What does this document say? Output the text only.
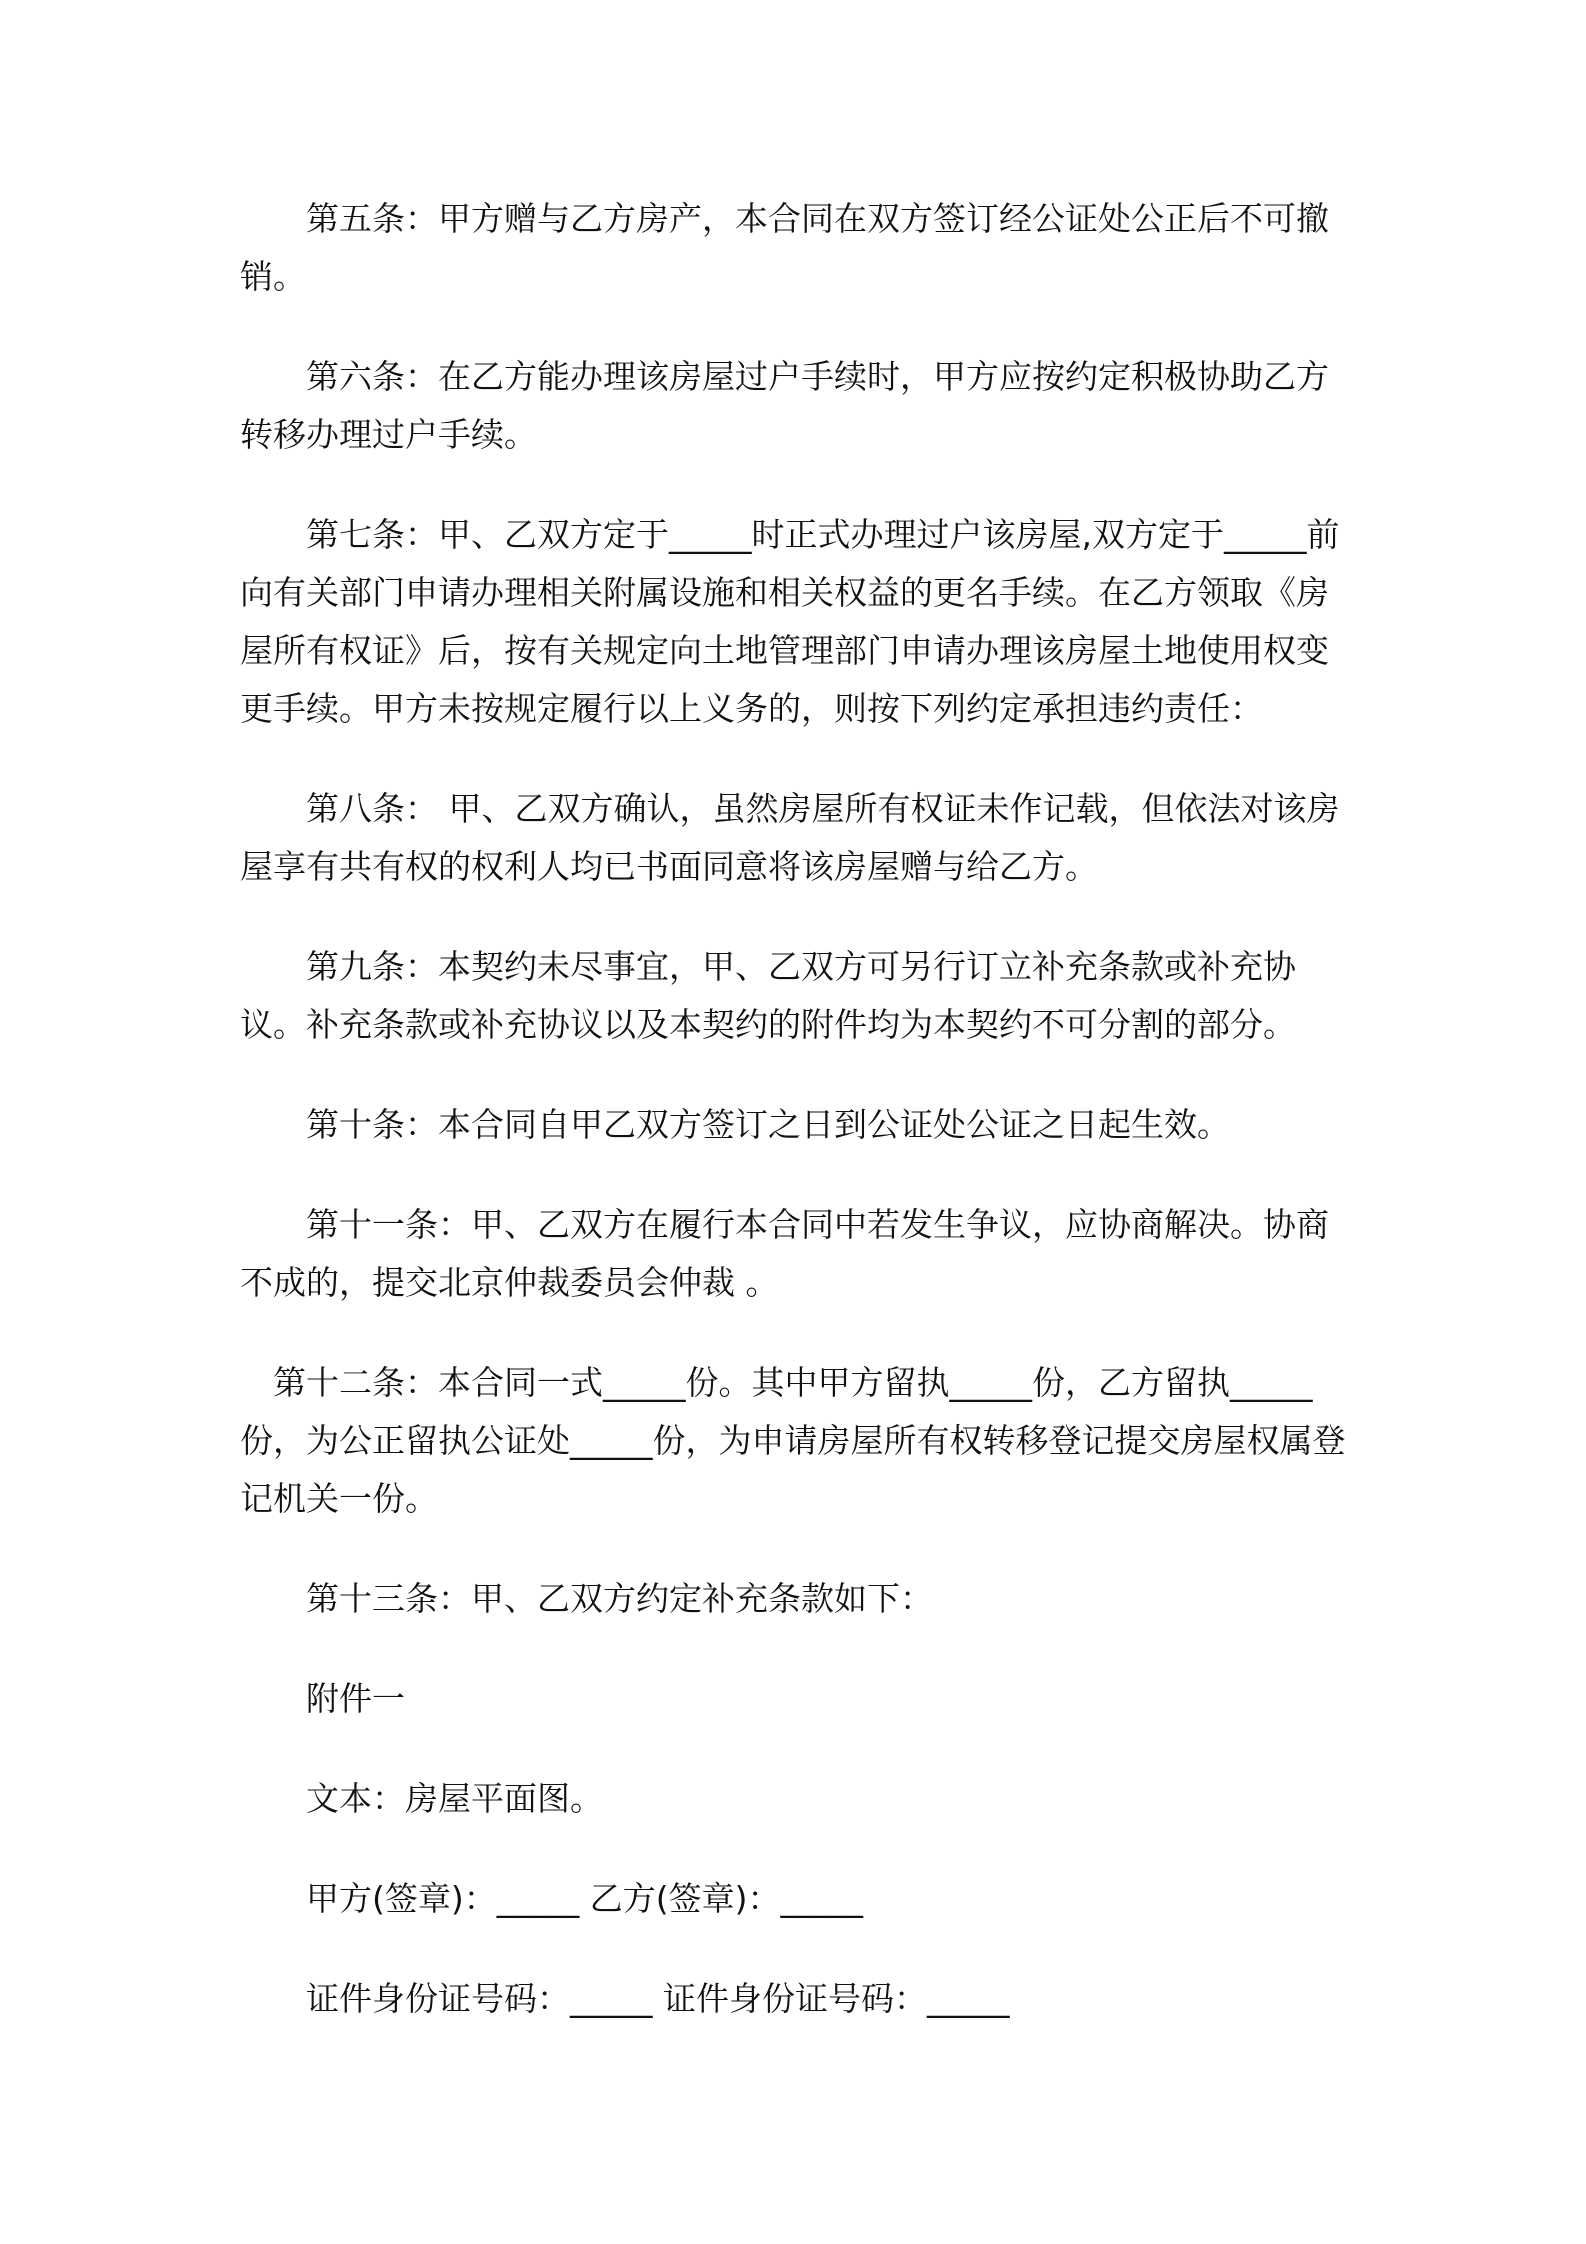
第五条：甲方赠与乙方房产，本合同在双方签订经公证处公正后不可撤销。

第六条：在乙方能办理该房屋过户手续时，甲方应按约定积极协助乙方转移办理过户手续。

第七条：甲、乙双方定于_____时正式办理过户该房屋,双方定于_____前向有关部门申请办理相关附属设施和相关权益的更名手续。在乙方领取《房屋所有权证》后，按有关规定向土地管理部门申请办理该房屋土地使用权变更手续。甲方未按规定履行以上义务的，则按下列约定承担违约责任：

第八条： 甲、乙双方确认，虽然房屋所有权证未作记载，但依法对该房屋享有共有权的权利人均已书面同意将该房屋赠与给乙方。

第九条：本契约未尽事宜，甲、乙双方可另行订立补充条款或补充协议。补充条款或补充协议以及本契约的附件均为本契约不可分割的部分。

第十条：本合同自甲乙双方签订之日到公证处公证之日起生效。

第十一条：甲、乙双方在履行本合同中若发生争议，应协商解决。协商不成的，提交北京仲裁委员会仲裁 。

第十二条：本合同一式_____份。其中甲方留执_____份，乙方留执_____份，为公正留执公证处_____份，为申请房屋所有权转移登记提交房屋权属登记机关一份。

第十三条：甲、乙双方约定补充条款如下：

附件一

文本：房屋平面图。

甲方(签章)：_____ 乙方(签章)：_____

证件身份证号码：_____ 证件身份证号码：_____
